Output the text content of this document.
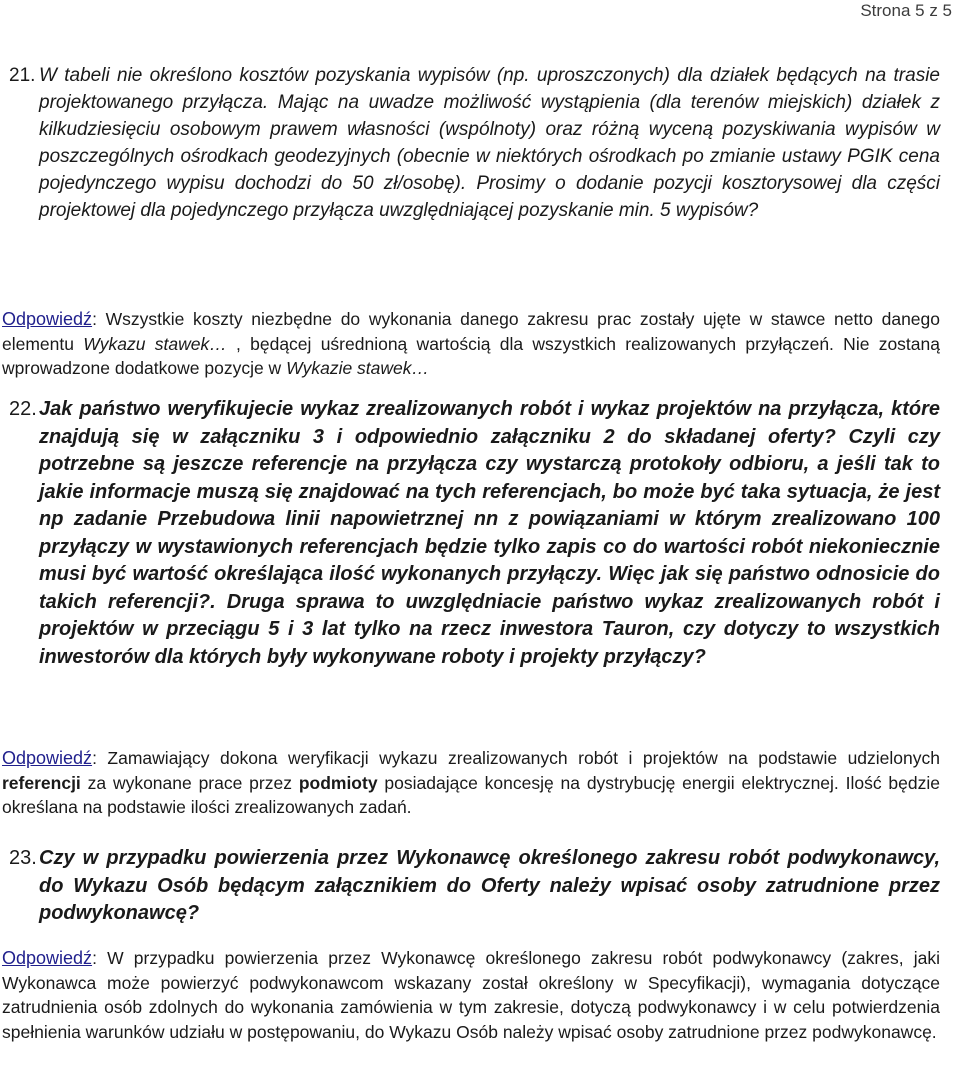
Strona 5 z 5
21. W tabeli nie określono kosztów pozyskania wypisów (np. uproszczonych) dla działek będących na trasie projektowanego przyłącza. Mając na uwadze możliwość wystąpienia (dla terenów miejskich) działek z kilkudziesięciu osobowym prawem własności (wspólnoty) oraz różną wyceną pozyskiwania wypisów w poszczególnych ośrodkach geodezyjnych (obecnie w niektórych ośrodkach po zmianie ustawy PGIK cena pojedynczego wypisu dochodzi do 50 zł/osobę). Prosimy o dodanie pozycji kosztorysowej dla części projektowej dla pojedynczego przyłącza uwzględniającej pozyskanie min. 5 wypisów?
Odpowiedź: Wszystkie koszty niezbędne do wykonania danego zakresu prac zostały ujęte w stawce netto danego elementu Wykazu stawek… , będącej uśrednioną wartością dla wszystkich realizowanych przyłączeń. Nie zostaną wprowadzone dodatkowe pozycje w Wykazie stawek…
22. Jak państwo weryfikujecie wykaz zrealizowanych robót i wykaz projektów na przyłącza, które znajdują się w załączniku 3 i odpowiednio załączniku 2 do składanej oferty? Czyli czy potrzebne są jeszcze referencje na przyłącza czy wystarczą protokoły odbioru, a jeśli tak to jakie informacje muszą się znajdować na tych referencjach, bo może być taka sytuacja, że jest np zadanie Przebudowa linii napowietrznej nn z powiązaniami w którym zrealizowano 100 przyłączy w wystawionych referencjach będzie tylko zapis co do wartości robót niekoniecznie musi być wartość określająca ilość wykonanych przyłączy. Więc jak się państwo odnosicie do takich referencji?. Druga sprawa to uwzględniacie państwo wykaz zrealizowanych robót i projektów w przeciągu 5 i 3 lat tylko na rzecz inwestora Tauron, czy dotyczy to wszystkich inwestorów dla których były wykonywane roboty i projekty przyłączy?
Odpowiedź: Zamawiający dokona weryfikacji wykazu zrealizowanych robót i projektów na podstawie udzielonych referencji za wykonane prace przez podmioty posiadające koncesję na dystrybucję energii elektrycznej. Ilość będzie określana na podstawie ilości zrealizowanych zadań.
23. Czy w przypadku powierzenia przez Wykonawcę określonego zakresu robót podwykonawcy, do Wykazu Osób będącym załącznikiem do Oferty należy wpisać osoby zatrudnione przez podwykonawcę?
Odpowiedź: W przypadku powierzenia przez Wykonawcę określonego zakresu robót podwykonawcy (zakres, jaki Wykonawca może powierzyć podwykonawcom wskazany został określony w Specyfikacji), wymagania dotyczące zatrudnienia osób zdolnych do wykonania zamówienia w tym zakresie, dotyczą podwykonawcy i w celu potwierdzenia spełnienia warunków udziału w postępowaniu, do Wykazu Osób należy wpisać osoby zatrudnione przez podwykonawcę.
